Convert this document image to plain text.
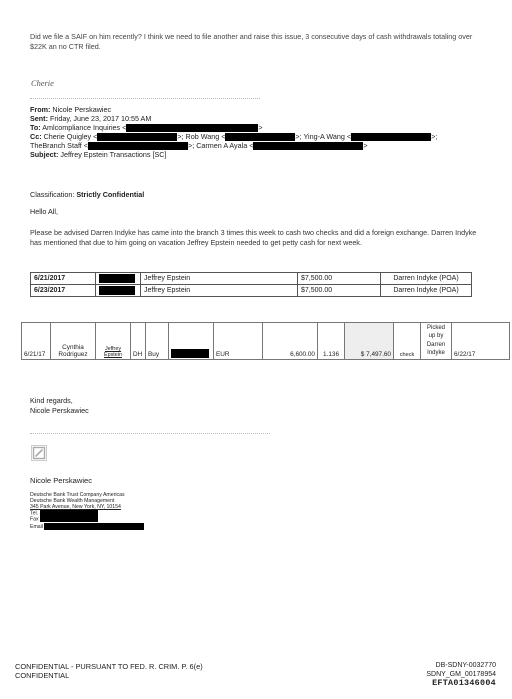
Did we file a SAIF on him recently? I think we need to file another and raise this issue, 3 consecutive days of cash withdrawals totaling over $22K an no CTR filed.
Cherie
From: Nicole Perskawiec
Sent: Friday, June 23, 2017 10:55 AM
To: Amlcompliance Inquiries <	>
Cc: Cherie Quigley <	>; Rob Wang <	>; Ying-A Wang <	>;
TheBranch Staff <	>; Carmen A Ayala <	>
Subject: Jeffrey Epstein Transactions [SC]
Classification: Strictly Confidential
Hello All,
Please be advised Darren Indyke has came into the branch 3 times this week to cash two checks and did a foreign exchange. Darren Indyke has mentioned that due to him going on vacation Jeffrey Epstein needed to get petty cash for next week.
6/21/2017		Jeffrey Epstein	$7,500.00	Darren Indyke (POA)
6/23/2017		Jeffrey Epstein	$7,500.00	Darren Indyke (POA)
6/21/17	Cynthia Rodriguez	Jeffrey Epstein	DH	Buy		EUR	6,600.00	1.136	$ 7,497.60	check	Picked up by Darren Indyke	6/22/17
Kind regards,
Nicole Perskawiec
Nicole Perskawiec
Deutsche Bank Trust Company Americas
Deutsche Bank Wealth Management
345 Park Avenue, New York, NY, 10154
Tel.
Fax
Email
CONFIDENTIAL - PURSUANT TO FED. R. CRIM. P. 6(e)
CONFIDENTIAL
DB-SDNY-0032770
SDNY_GM_00178954
EFTA01346004
